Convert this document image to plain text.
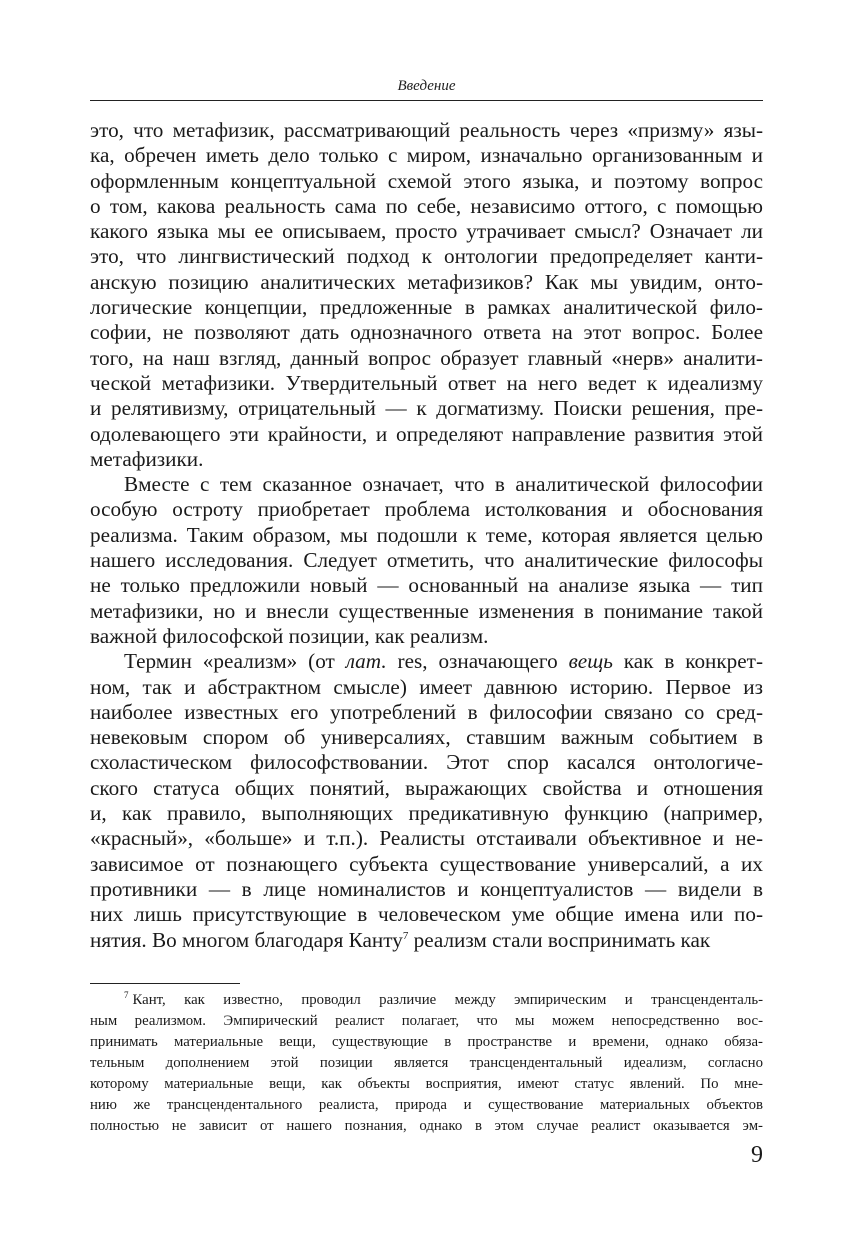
Введение
это, что метафизик, рассматривающий реальность через «призму» язы-
ка, обречен иметь дело только с миром, изначально организованным и
оформленным концептуальной схемой этого языка, и поэтому вопрос
о том, какова реальность сама по себе, независимо оттого, с помощью
какого языка мы ее описываем, просто утрачивает смысл? Означает ли
это, что лингвистический подход к онтологии предопределяет канти-
анскую позицию аналитических метафизиков? Как мы увидим, онто-
логические концепции, предложенные в рамках аналитической фило-
софии, не позволяют дать однозначного ответа на этот вопрос. Более
того, на наш взгляд, данный вопрос образует главный «нерв» аналити-
ческой метафизики. Утвердительный ответ на него ведет к идеализму
и релятивизму, отрицательный — к догматизму. Поиски решения, пре-
одолевающего эти крайности, и определяют направление развития этой
метафизики.
Вместе с тем сказанное означает, что в аналитической философии
особую остроту приобретает проблема истолкования и обоснования
реализма. Таким образом, мы подошли к теме, которая является целью
нашего исследования. Следует отметить, что аналитические философы
не только предложили новый — основанный на анализе языка — тип
метафизики, но и внесли существенные изменения в понимание такой
важной философской позиции, как реализм.
Термин «реализм» (от лат. res, означающего вещь как в конкрет-
ном, так и абстрактном смысле) имеет давнюю историю. Первое из
наиболее известных его употреблений в философии связано со сред-
невековым спором об универсалиях, ставшим важным событием в
схоластическом философствовании. Этот спор касался онтологиче-
ского статуса общих понятий, выражающих свойства и отношения
и, как правило, выполняющих предикативную функцию (например,
«красный», «больше» и т.п.). Реалисты отстаивали объективное и не-
зависимое от познающего субъекта существование универсалий, а их
противники — в лице номиналистов и концептуалистов — видели в
них лишь присутствующие в человеческом уме общие имена или по-
нятия. Во многом благодаря Канту$^7$ реализм стали воспринимать как
$^7$ Кант, как известно, проводил различие между эмпирическим и трансценденталь-
ным реализмом. Эмпирический реалист полагает, что мы можем непосредственно вос-
принимать материальные вещи, существующие в пространстве и времени, однако обяза-
тельным дополнением этой позиции является трансцендентальный идеализм, согласно
которому материальные вещи, как объекты восприятия, имеют статус явлений. По мне-
нию же трансцендентального реалиста, природа и существование материальных объектов
полностью не зависит от нашего познания, однако в этом случае реалист оказывается эм-
9
